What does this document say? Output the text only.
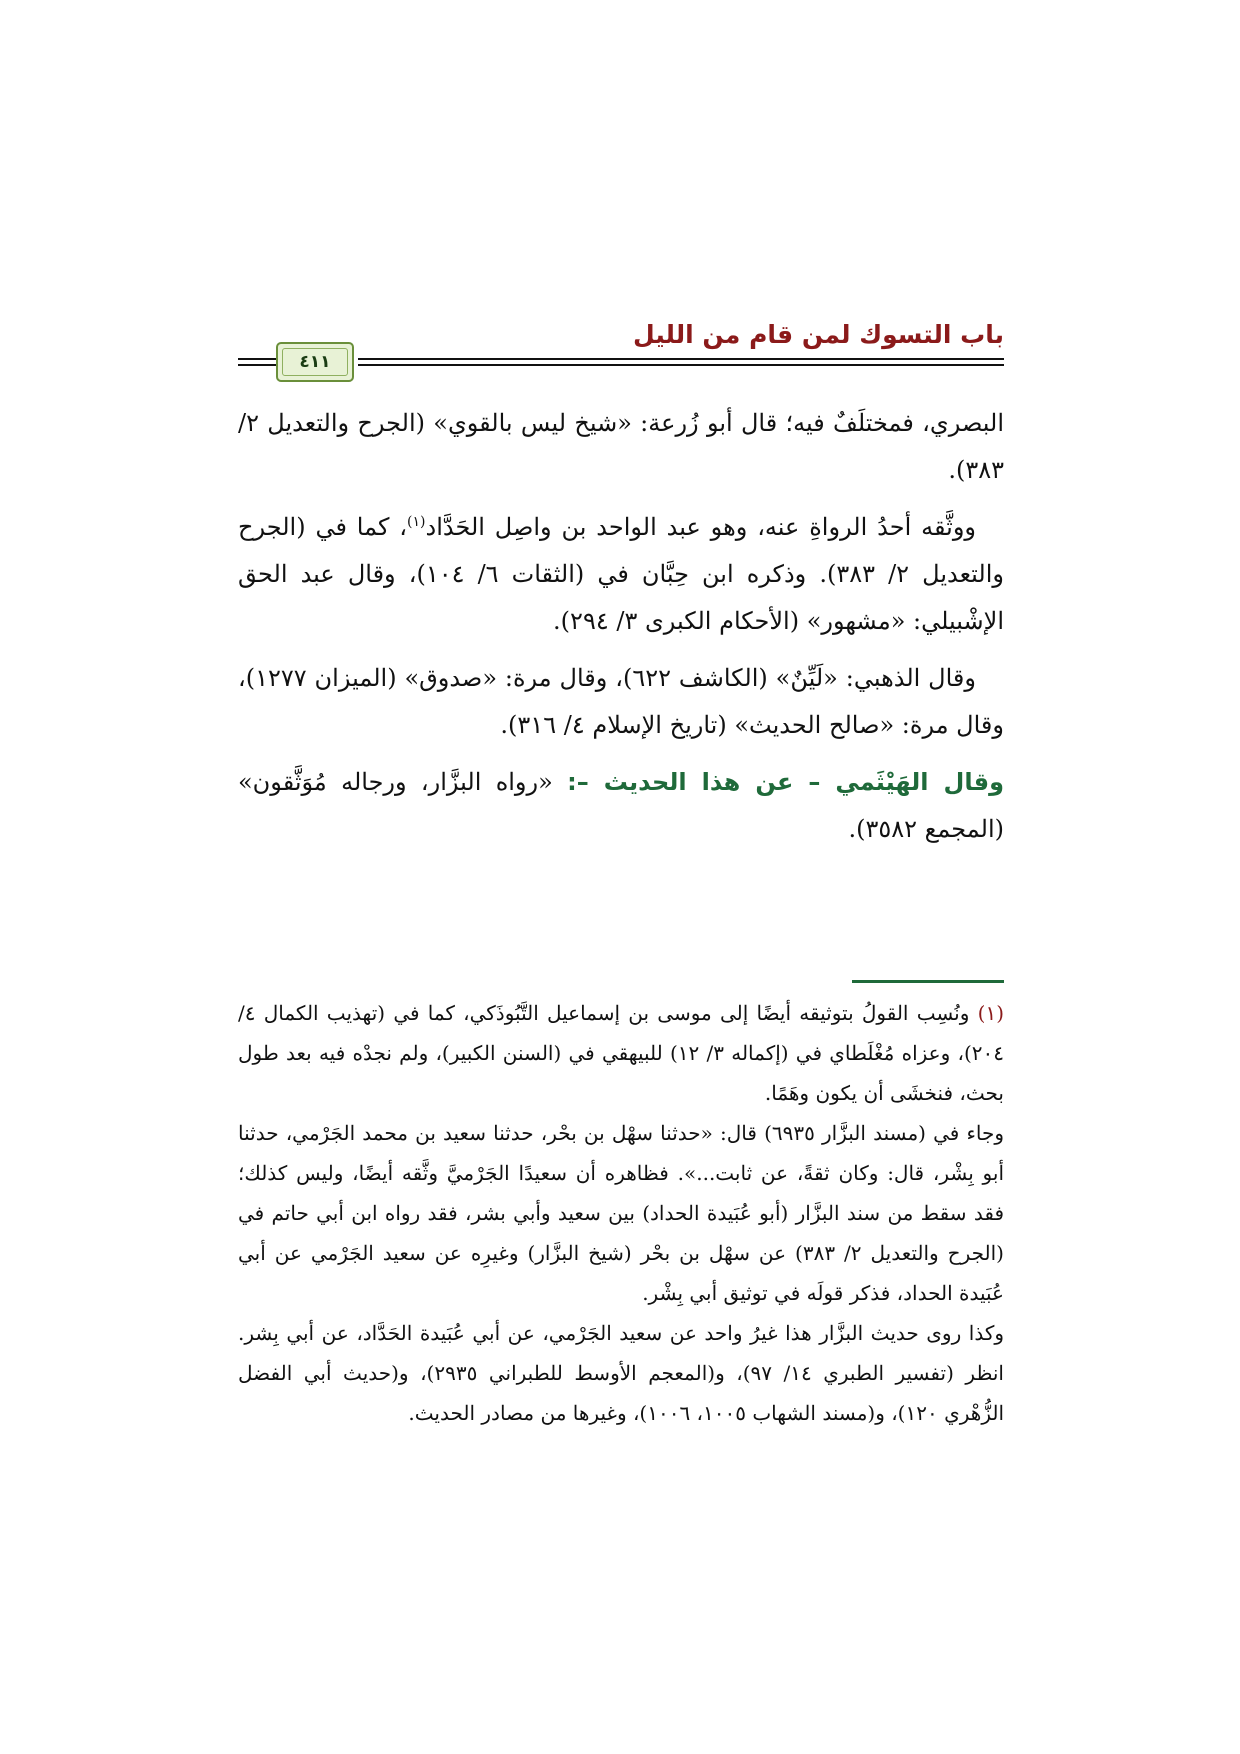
باب التسوك لمن قام من الليل
٤١١

البصري، فمختلَفٌ فيه؛ قال أبو زُرعة: «شيخ ليس بالقوي» (الجرح والتعديل ٢/ ٣٨٣).

ووثَّقه أحدُ الرواةِ عنه، وهو عبد الواحد بن واصِل الحَدَّاد$^{(١)}$، كما في (الجرح والتعديل ٢/ ٣٨٣). وذكره ابن حِبَّان في (الثقات ٦/ ١٠٤)، وقال عبد الحق الإشْبيلي: «مشهور» (الأحكام الكبرى ٣/ ٢٩٤).

وقال الذهبي: «لَيِّنٌ» (الكاشف ٦٢٢)، وقال مرة: «صدوق» (الميزان ١٢٧٧)، وقال مرة: «صالح الحديث» (تاريخ الإسلام ٤/ ٣١٦).

وقال الهَيْثَمي – عن هذا الحديث –: «رواه البزَّار، ورجاله مُوَثَّقون» (المجمع ٣٥٨٢).

(١) ونُسِب القولُ بتوثيقه أيضًا إلى موسى بن إسماعيل التَّبُوذَكي، كما في (تهذيب الكمال ٤/ ٢٠٤)، وعزاه مُغْلَطاي في (إكماله ٣/ ١٢) للبيهقي في (السنن الكبير)، ولم نجدْه فيه بعد طول بحث، فنخشَى أن يكون وهَمًا.

وجاء في (مسند البزَّار ٦٩٣٥) قال: «حدثنا سهْل بن بحْر، حدثنا سعيد بن محمد الجَرْمي، حدثنا أبو بِشْر، قال: وكان ثقةً، عن ثابت...». فظاهره أن سعيدًا الجَرْميَّ وثَّقه أيضًا، وليس كذلك؛ فقد سقط من سند البزَّار (أبو عُبَيدة الحداد) بين سعيد وأبي بشر، فقد رواه ابن أبي حاتم في (الجرح والتعديل ٢/ ٣٨٣) عن سهْل بن بحْر (شيخ البزَّار) وغيرِه عن سعيد الجَرْمي عن أبي عُبَيدة الحداد، فذكر قولَه في توثيق أبي بِشْر.

وكذا روى حديث البزَّار هذا غيرُ واحد عن سعيد الجَرْمي، عن أبي عُبَيدة الحَدَّاد، عن أبي بِشر. انظر (تفسير الطبري ١٤/ ٩٧)، و(المعجم الأوسط للطبراني ٢٩٣٥)، و(حديث أبي الفضل الزُّهْري ١٢٠)، و(مسند الشهاب ١٠٠٥، ١٠٠٦)، وغيرها من مصادر الحديث.
